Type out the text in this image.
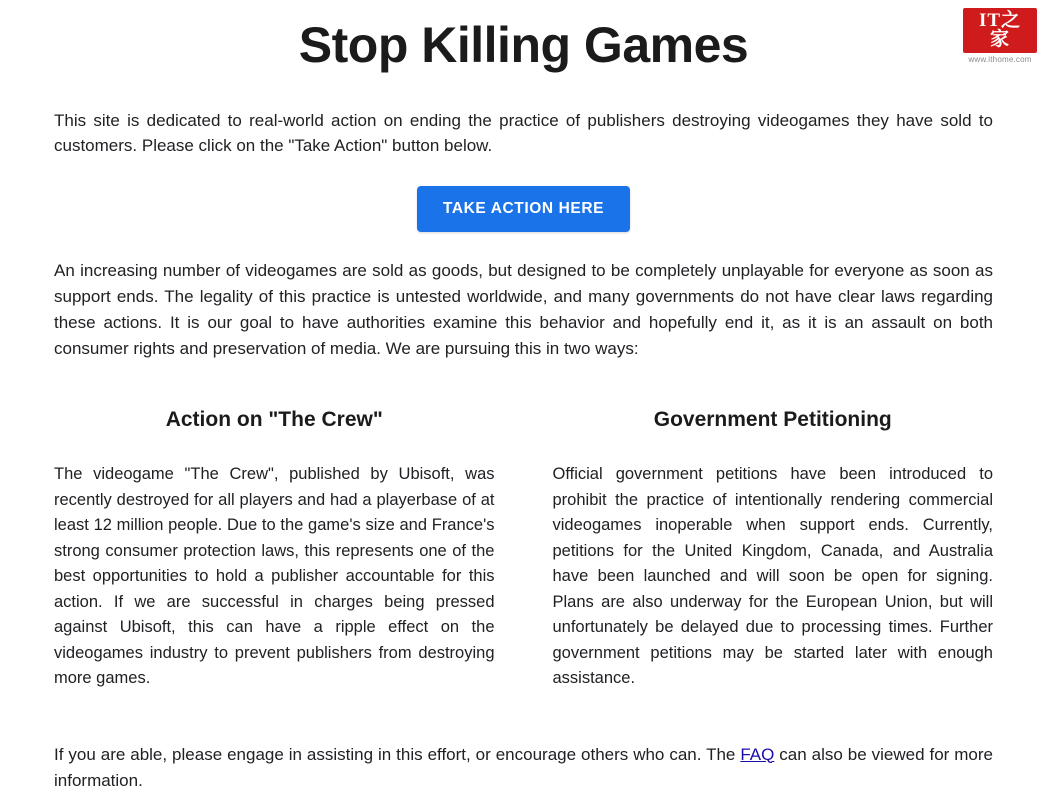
IT之家
www.ithome.com
Stop Killing Games

This site is dedicated to real-world action on ending the practice of publishers destroying videogames they have sold to customers. Please click on the "Take Action" button below.

TAKE ACTION HERE

An increasing number of videogames are sold as goods, but designed to be completely unplayable for everyone as soon as support ends. The legality of this practice is untested worldwide, and many governments do not have clear laws regarding these actions. It is our goal to have authorities examine this behavior and hopefully end it, as it is an assault on both consumer rights and preservation of media. We are pursuing this in two ways:

Action on "The Crew"

The videogame "The Crew", published by Ubisoft, was recently destroyed for all players and had a playerbase of at least 12 million people. Due to the game's size and France's strong consumer protection laws, this represents one of the best opportunities to hold a publisher accountable for this action. If we are successful in charges being pressed against Ubisoft, this can have a ripple effect on the videogames industry to prevent publishers from destroying more games.

Government Petitioning

Official government petitions have been introduced to prohibit the practice of intentionally rendering commercial videogames inoperable when support ends. Currently, petitions for the United Kingdom, Canada, and Australia have been launched and will soon be open for signing. Plans are also underway for the European Union, but will unfortunately be delayed due to processing times. Further government petitions may be started later with enough assistance.

If you are able, please engage in assisting in this effort, or encourage others who can. The FAQ can also be viewed for more information.
